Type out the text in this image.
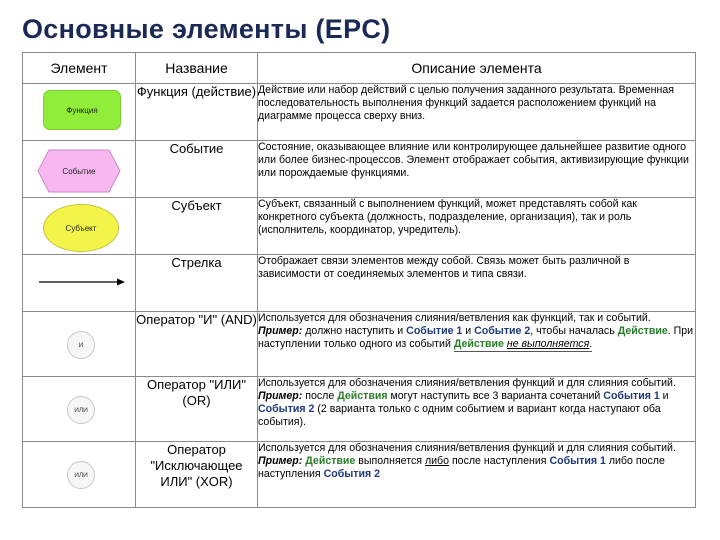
Основные элементы (EPC)
Элемент	Название	Описание элемента

Функция	Функция (действие)	Действие или набор действий с целью получения заданного результата. Временная последовательность выполнения функций задается расположением функций на диаграмме процесса сверху вниз.

Событие	Событие	Состояние, оказывающее влияние или контролирующее дальнейшее развитие одного или более бизнес-процессов. Элемент отображает события, активизирующие функции или порождаемые функциями.

Субъект	Субъект	Субъект, связанный с выполнением функций, может представлять собой как конкретного субъекта (должность, подразделение, организация), так и роль (исполнитель, координатор, учредитель).

	Стрелка	Отображает связи элементов между собой. Связь может быть различной в зависимости от соединяемых элементов и типа связи.

И	Оператор "И" (AND)	Используется для обозначения слияния/ветвления как функций, так и событий. Пример: должно наступить и Событие 1 и Событие 2, чтобы началась Действие. При наступлении только одного из событий Действие не выполняется.

ИЛИ	Оператор "ИЛИ" (OR)	Используется для обозначения слияния/ветвления функций и для слияния событий. Пример: после Действия могут наступить все 3 варианта сочетаний События 1 и События 2 (2 варианта только с одним событием и вариант когда наступают оба события).

ИЛИ	Оператор "Исключающее ИЛИ" (XOR)	Используется для обозначения слияния/ветвления функций и для слияния событий. Пример: Действие выполняется либо после наступления События 1 либо после наступления События 2
